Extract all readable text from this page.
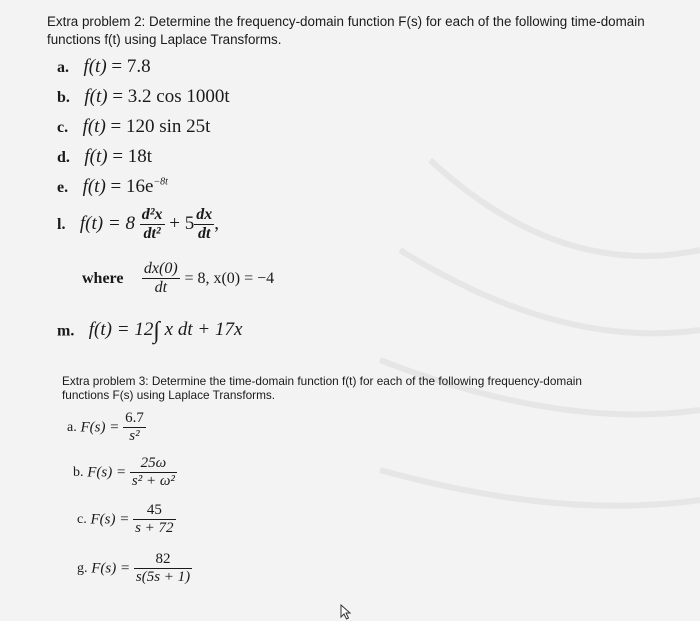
Extra problem 2: Determine the frequency-domain function F(s) for each of the following time-domain functions f(t) using Laplace Transforms.
a. f(t) = 7.8
b. f(t) = 3.2 cos 1000t
c. f(t) = 120 sin 25t
d. f(t) = 18t
e. $f(t) = 16e^{-8t}$
l. $f(t) = 8 \frac{\text{d²x}}{\text{dt²}} + 5 \frac{dx}{dt}$ ,
where $\frac{dx(0)}{dt} = 8$, x(0) = −4
m. f(t) = 12∫ x dt + 17x
Extra problem 3: Determine the time-domain function f(t) for each of the following frequency-domain functions F(s) using Laplace Transforms.
a. $F(s) = \frac{6.7}{\text{s²}}$
b. $F(s) = \frac{25\omega}{\text{s² + ω²}}$
c. $F(s) = \frac{45}{s + 72}$
g. $F(s) = \frac{82}{s(5s + 1)}$
